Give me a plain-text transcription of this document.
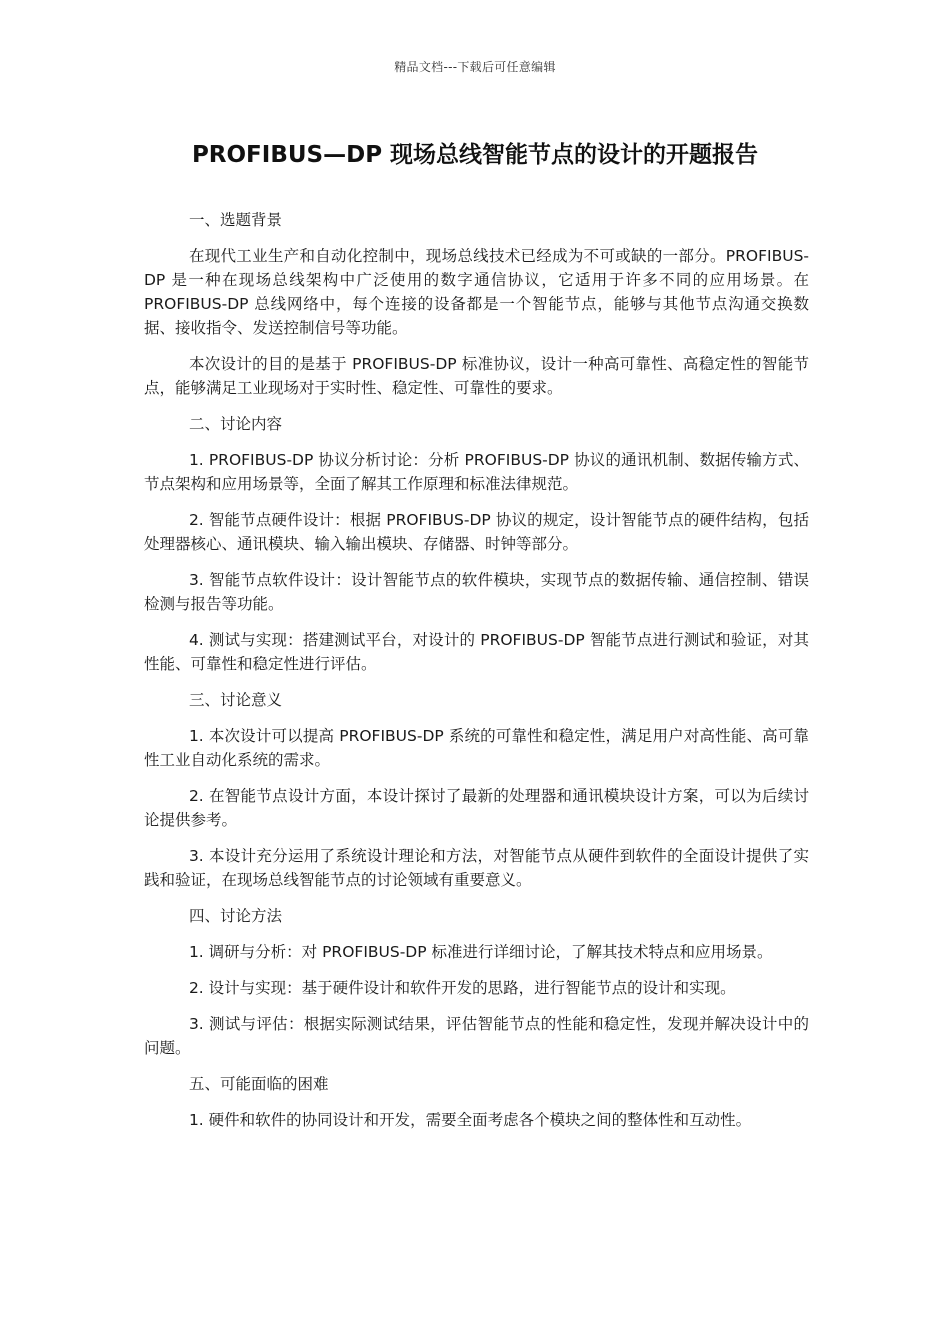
精品文档---下载后可任意编辑
PROFIBUS—DP 现场总线智能节点的设计的开题报告

一、选题背景

在现代工业生产和自动化控制中，现场总线技术已经成为不可或缺的一部分。PROFIBUS-DP 是一种在现场总线架构中广泛使用的数字通信协议，它适用于许多不同的应用场景。在 PROFIBUS-DP 总线网络中，每个连接的设备都是一个智能节点，能够与其他节点沟通交换数据、接收指令、发送控制信号等功能。

本次设计的目的是基于 PROFIBUS-DP 标准协议，设计一种高可靠性、高稳定性的智能节点，能够满足工业现场对于实时性、稳定性、可靠性的要求。

二、讨论内容

1. PROFIBUS-DP 协议分析讨论：分析 PROFIBUS-DP 协议的通讯机制、数据传输方式、节点架构和应用场景等，全面了解其工作原理和标准法律规范。

2. 智能节点硬件设计：根据 PROFIBUS-DP 协议的规定，设计智能节点的硬件结构，包括处理器核心、通讯模块、输入输出模块、存储器、时钟等部分。

3. 智能节点软件设计：设计智能节点的软件模块，实现节点的数据传输、通信控制、错误检测与报告等功能。

4. 测试与实现：搭建测试平台，对设计的 PROFIBUS-DP 智能节点进行测试和验证，对其性能、可靠性和稳定性进行评估。

三、讨论意义

1. 本次设计可以提高 PROFIBUS-DP 系统的可靠性和稳定性，满足用户对高性能、高可靠性工业自动化系统的需求。

2. 在智能节点设计方面，本设计探讨了最新的处理器和通讯模块设计方案，可以为后续讨论提供参考。

3. 本设计充分运用了系统设计理论和方法，对智能节点从硬件到软件的全面设计提供了实践和验证，在现场总线智能节点的讨论领域有重要意义。

四、讨论方法

1. 调研与分析：对 PROFIBUS-DP 标准进行详细讨论，了解其技术特点和应用场景。

2. 设计与实现：基于硬件设计和软件开发的思路，进行智能节点的设计和实现。

3. 测试与评估：根据实际测试结果，评估智能节点的性能和稳定性，发现并解决设计中的问题。

五、可能面临的困难

1. 硬件和软件的协同设计和开发，需要全面考虑各个模块之间的整体性和互动性。
